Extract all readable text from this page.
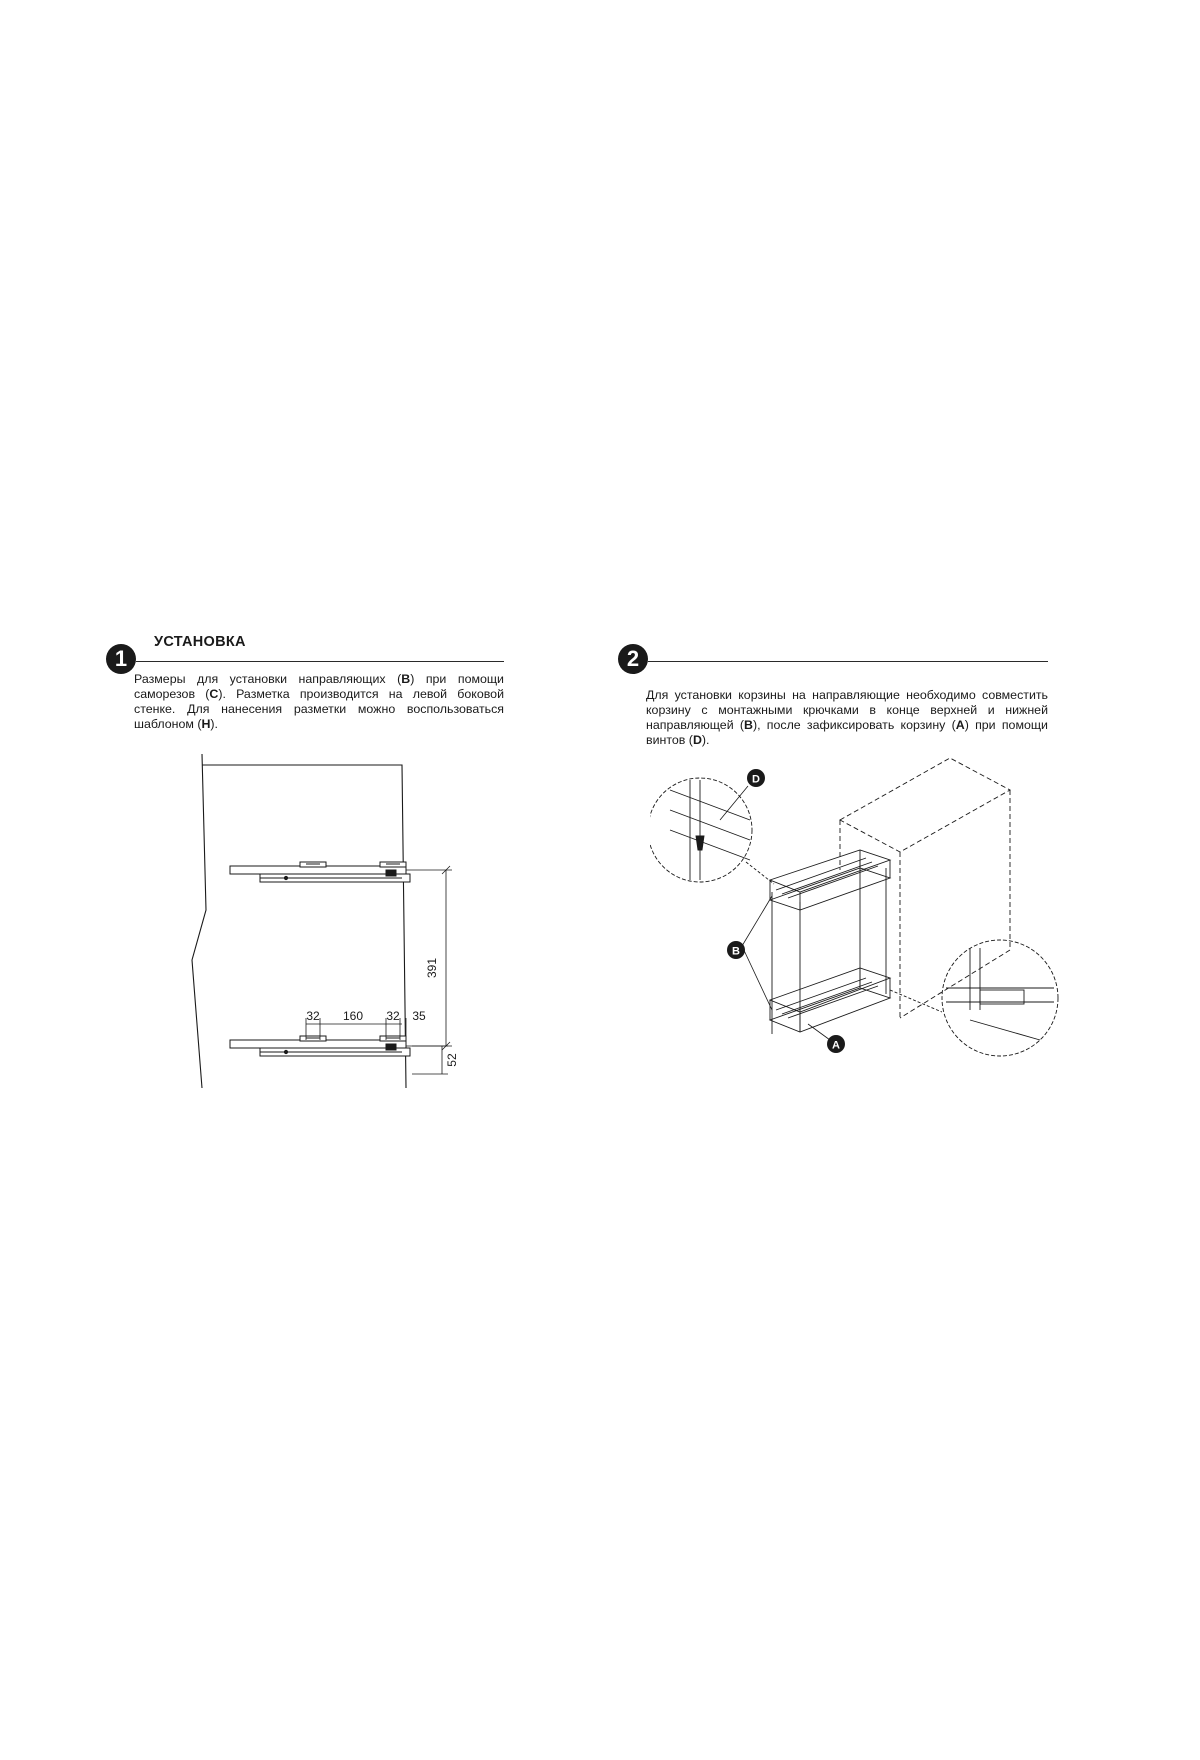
1
УСТАНОВКА
Размеры для установки направляющих (B) при помощи саморезов (C). Разметка производится на левой боковой стенке. Для нанесения разметки можно воспользоваться шаблоном (H).
391
32 160 32 35
52
2
Для установки корзины на направляющие необходимо совместить корзину с монтажными крючками в конце верхней и нижней направляющей (B), после зафиксировать корзину (A) при помощи винтов (D).
D
B
A
